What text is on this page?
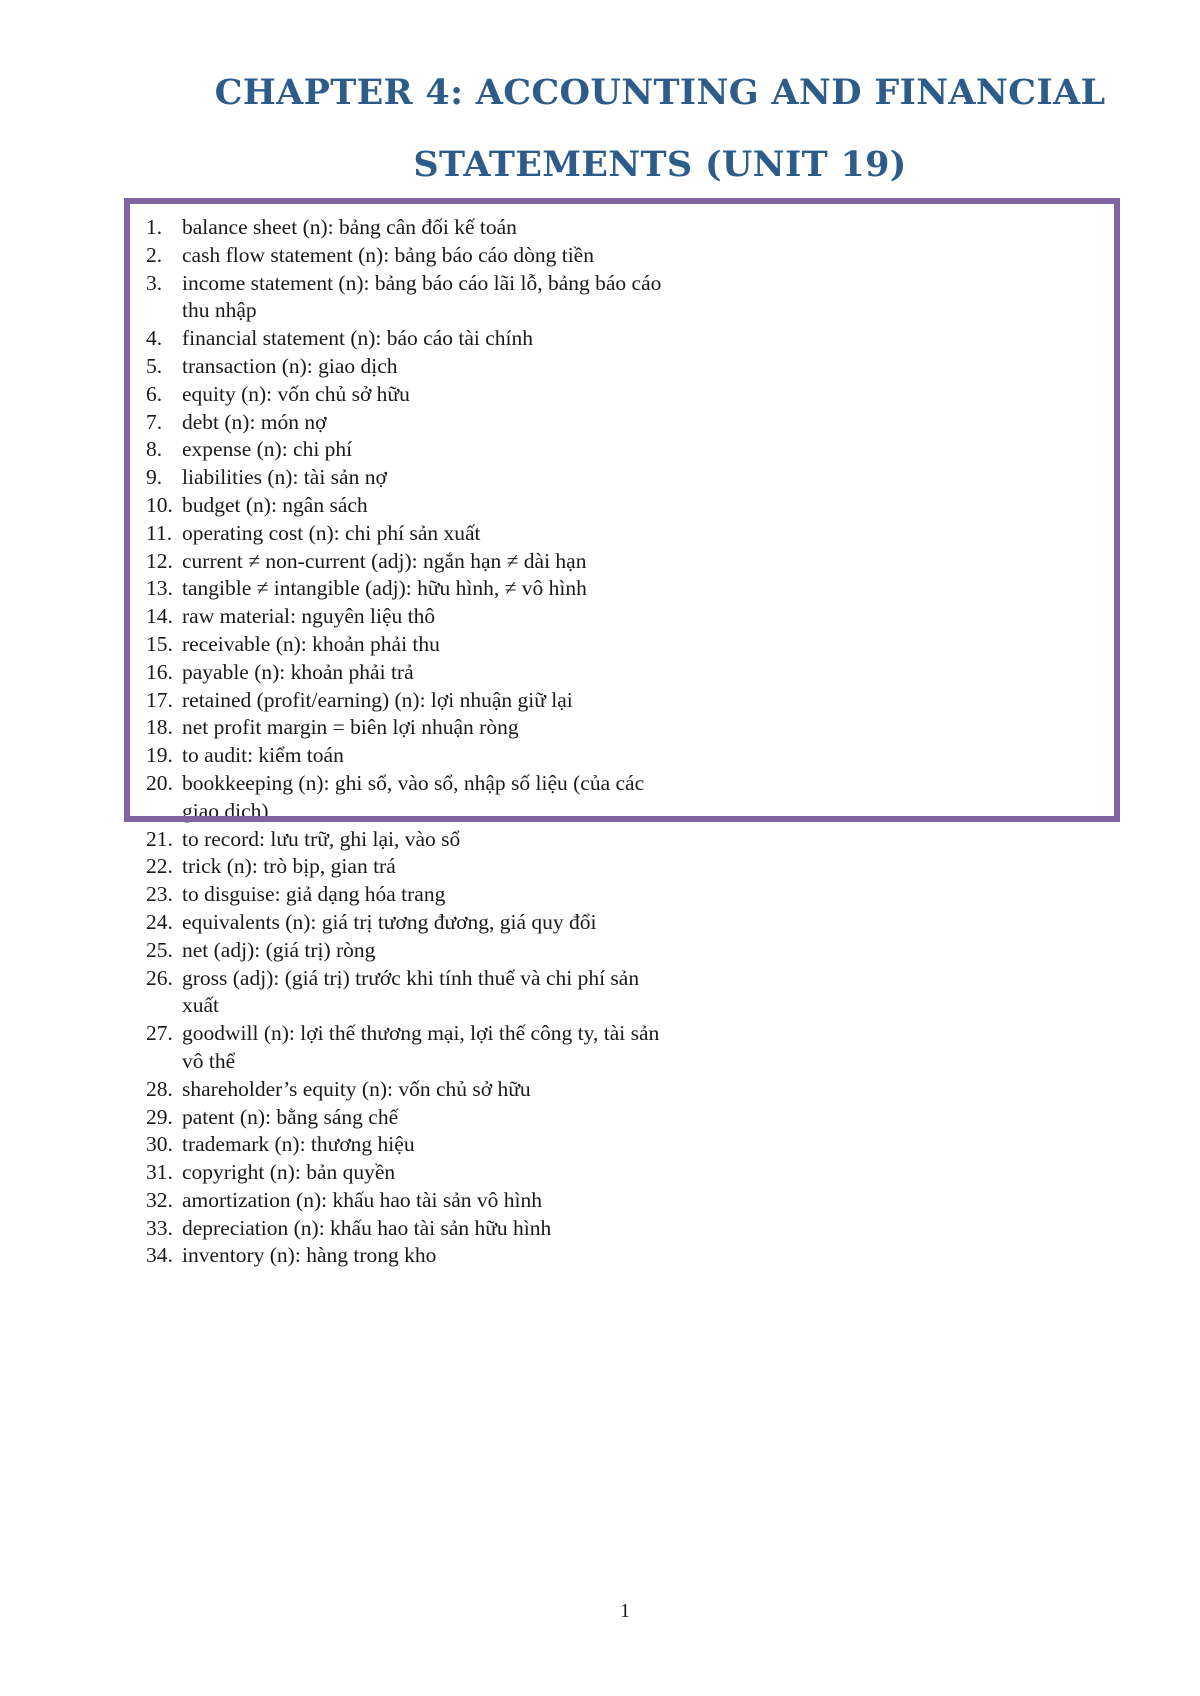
CHAPTER 4: ACCOUNTING AND FINANCIAL
STATEMENTS (UNIT 19)
1. balance sheet (n): bảng cân đối kế toán
2. cash flow statement (n): bảng báo cáo dòng tiền
3. income statement (n): bảng báo cáo lãi lỗ, bảng báo cáo thu nhập
4. financial statement (n): báo cáo tài chính
5. transaction (n): giao dịch
6. equity (n): vốn chủ sở hữu
7. debt (n): món nợ
8. expense (n): chi phí
9. liabilities (n): tài sản nợ
10. budget (n): ngân sách
11. operating cost (n): chi phí sản xuất
12. current ≠ non-current (adj): ngắn hạn ≠ dài hạn
13. tangible ≠ intangible (adj): hữu hình, ≠ vô hình
14. raw material: nguyên liệu thô
15. receivable (n): khoản phải thu
16. payable (n): khoản phải trả
17. retained (profit/earning) (n): lợi nhuận giữ lại
18. net profit margin = biên lợi nhuận ròng
19. to audit: kiểm toán
20. bookkeeping (n): ghi sổ, vào sổ, nhập số liệu (của các giao dịch)
21. to record: lưu trữ, ghi lại, vào sổ
22. trick (n): trò bịp, gian trá
23. to disguise: giả dạng hóa trang
24. equivalents (n): giá trị tương đương, giá quy đổi
25. net (adj): (giá trị) ròng
26. gross (adj): (giá trị) trước khi tính thuế và chi phí sản xuất
27. goodwill (n): lợi thế thương mại, lợi thế công ty, tài sản vô thể
28. shareholder’s equity (n): vốn chủ sở hữu
29. patent (n): bằng sáng chế
30. trademark (n): thương hiệu
31. copyright (n): bản quyền
32. amortization (n): khấu hao tài sản vô hình
33. depreciation (n): khấu hao tài sản hữu hình
34. inventory (n): hàng trong kho
1
